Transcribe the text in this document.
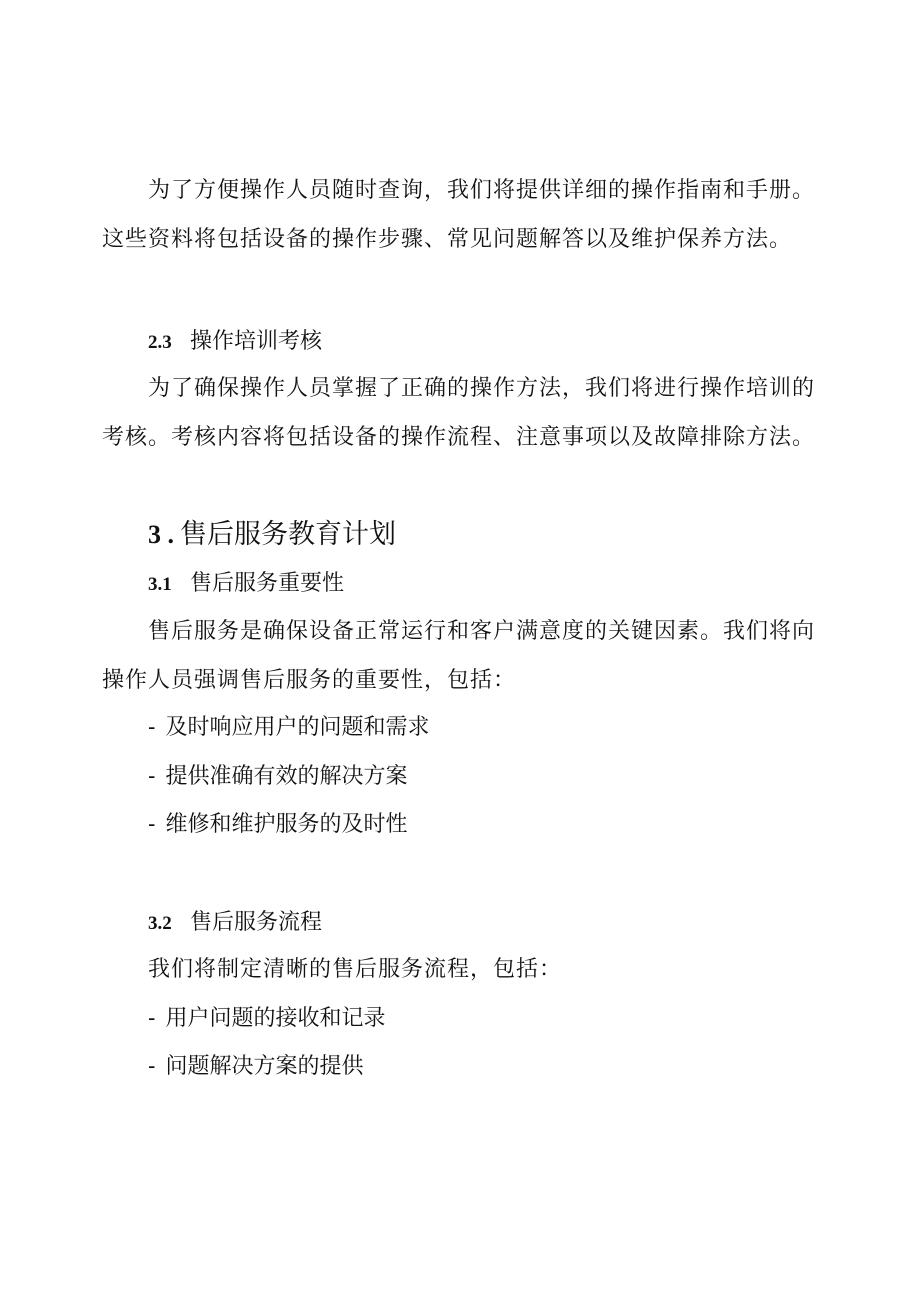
为了方便操作人员随时查询，我们将提供详细的操作指南和手册。
这些资料将包括设备的操作步骤、常见问题解答以及维护保养方法。
2.3 操作培训考核
为了确保操作人员掌握了正确的操作方法，我们将进行操作培训的
考核。考核内容将包括设备的操作流程、注意事项以及故障排除方法。
3 . 售后服务教育计划
3.1 售后服务重要性
售后服务是确保设备正常运行和客户满意度的关键因素。我们将向
操作人员强调售后服务的重要性，包括：
- 及时响应用户的问题和需求
- 提供准确有效的解决方案
- 维修和维护服务的及时性
3.2 售后服务流程
我们将制定清晰的售后服务流程，包括：
- 用户问题的接收和记录
- 问题解决方案的提供
